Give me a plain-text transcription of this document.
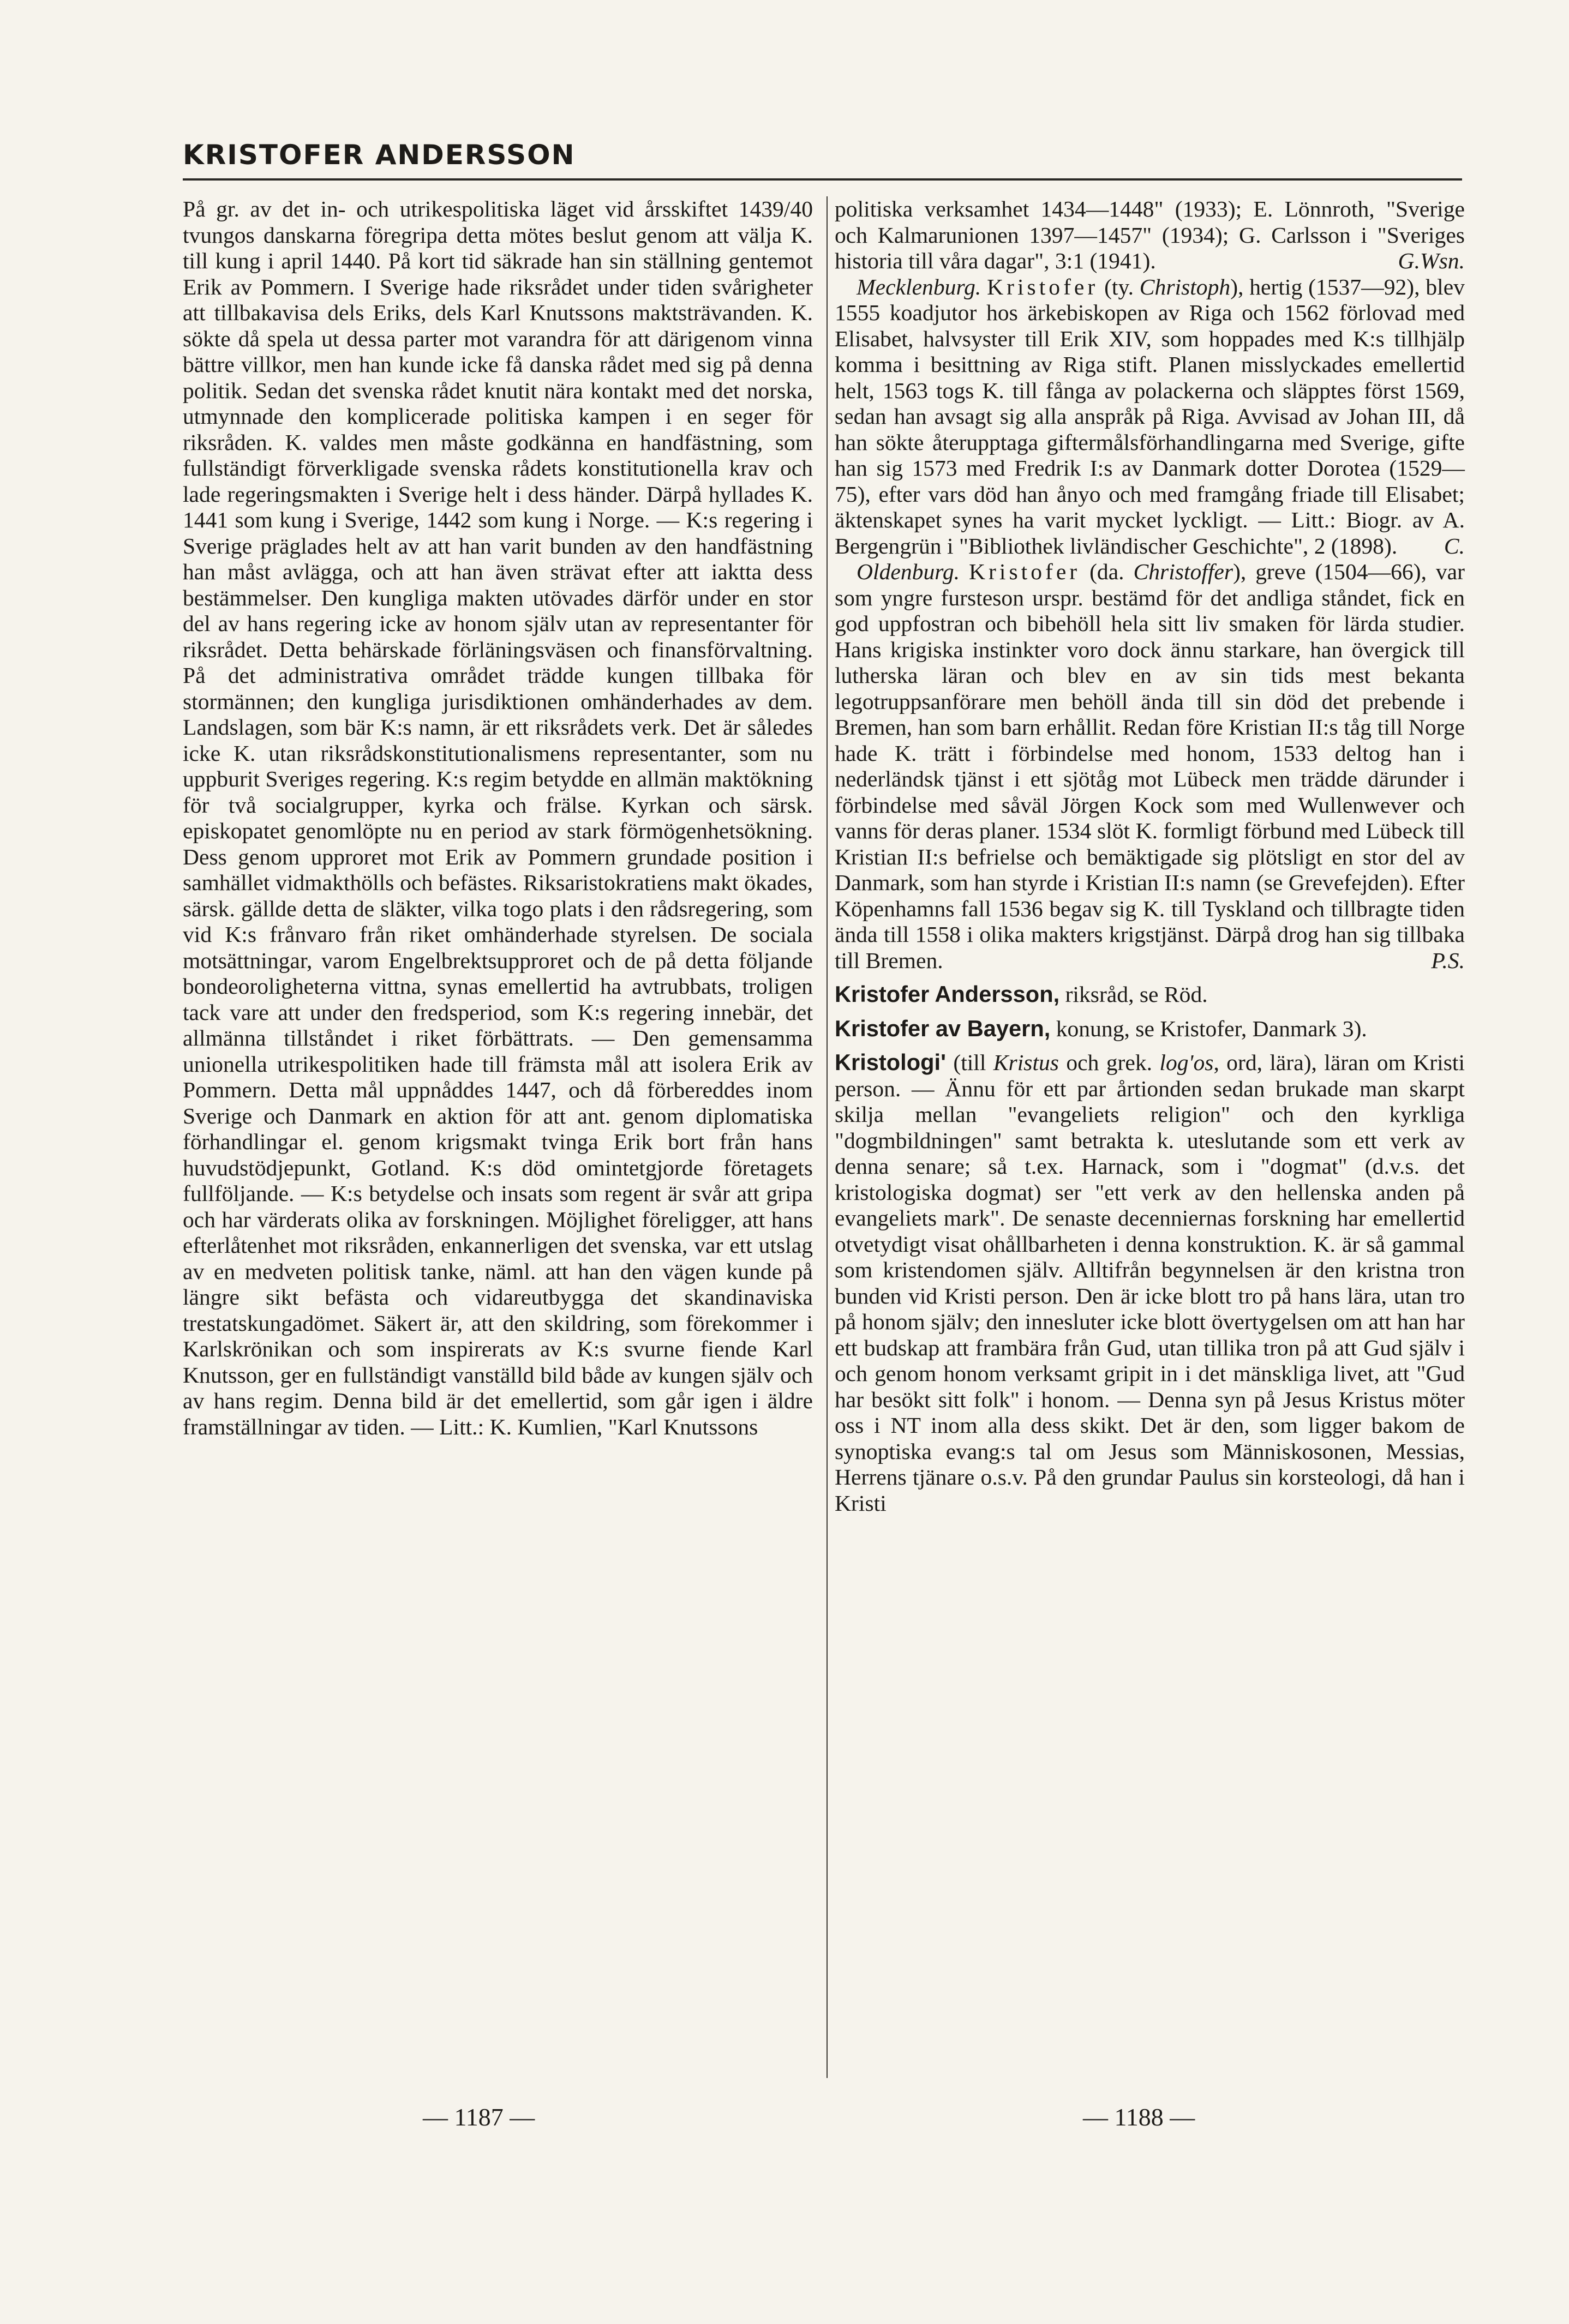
KRISTOFER ANDERSSON

På gr. av det in- och utrikespolitiska läget vid årsskiftet 1439/40 tvungos danskarna föregripa detta mötes beslut genom att välja K. till kung i april 1440. På kort tid säkrade han sin ställning gentemot Erik av Pommern. I Sverige hade riksrådet under tiden svårigheter att tillbakavisa dels Eriks, dels Karl Knutssons maktsträvanden. K. sökte då spela ut dessa parter mot varandra för att därigenom vinna bättre villkor, men han kunde icke få danska rådet med sig på denna politik. Sedan det svenska rådet knutit nära kontakt med det norska, utmynnade den komplicerade politiska kampen i en seger för riksråden. K. valdes men måste godkänna en handfästning, som fullständigt förverkligade svenska rådets konstitutionella krav och lade regeringsmakten i Sverige helt i dess händer. Därpå hyllades K. 1441 som kung i Sverige, 1442 som kung i Norge. — K:s regering i Sverige präglades helt av att han varit bunden av den handfästning han måst avlägga, och att han även strävat efter att iaktta dess bestämmelser. Den kungliga makten utövades därför under en stor del av hans regering icke av honom själv utan av representanter för riksrådet. Detta behärskade förläningsväsen och finansförvaltning. På det administrativa området trädde kungen tillbaka för stormännen; den kungliga jurisdiktionen omhänderhades av dem. Landslagen, som bär K:s namn, är ett riksrådets verk. Det är således icke K. utan riksrådskonstitutionalismens representanter, som nu uppburit Sveriges regering. K:s regim betydde en allmän maktökning för två socialgrupper, kyrka och frälse. Kyrkan och särsk. episkopatet genomlöpte nu en period av stark förmögenhetsökning. Dess genom upproret mot Erik av Pommern grundade position i samhället vidmakthölls och befästes. Riksaristokratiens makt ökades, särsk. gällde detta de släkter, vilka togo plats i den rådsregering, som vid K:s frånvaro från riket omhänderhade styrelsen. De sociala motsättningar, varom Engelbrektsupproret och de på detta följande bondeoroligheterna vittna, synas emellertid ha avtrubbats, troligen tack vare att under den fredsperiod, som K:s regering innebär, det allmänna tillståndet i riket förbättrats. — Den gemensamma unionella utrikespolitiken hade till främsta mål att isolera Erik av Pommern. Detta mål uppnåddes 1447, och då förbereddes inom Sverige och Danmark en aktion för att ant. genom diplomatiska förhandlingar el. genom krigsmakt tvinga Erik bort från hans huvudstödjepunkt, Gotland. K:s död omintetgjorde företagets fullföljande. — K:s betydelse och insats som regent är svår att gripa och har värderats olika av forskningen. Möjlighet föreligger, att hans efterlåtenhet mot riksråden, enkannerligen det svenska, var ett utslag av en medveten politisk tanke, näml. att han den vägen kunde på längre sikt befästa och vidareutbygga det skandinaviska trestatskungadömet. Säkert är, att den skildring, som förekommer i Karlskrönikan och som inspirerats av K:s svurne fiende Karl Knutsson, ger en fullständigt vanställd bild både av kungen själv och av hans regim. Denna bild är det emellertid, som går igen i äldre framställningar av tiden. — Litt.: K. Kumlien, "Karl Knutssons

politiska verksamhet 1434—1448" (1933); E. Lönnroth, "Sverige och Kalmarunionen 1397—1457" (1934); G. Carlsson i "Sveriges historia till våra dagar", 3:1 (1941).	G.Wsn.

Mecklenburg. Kristofer (ty. Christoph), hertig (1537—92), blev 1555 koadjutor hos ärkebiskopen av Riga och 1562 förlovad med Elisabet, halvsyster till Erik XIV, som hoppades med K:s tillhjälp komma i besittning av Riga stift. Planen misslyckades emellertid helt, 1563 togs K. till fånga av polackerna och släpptes först 1569, sedan han avsagt sig alla anspråk på Riga. Avvisad av Johan III, då han sökte återupptaga giftermålsförhandlingarna med Sverige, gifte han sig 1573 med Fredrik I:s av Danmark dotter Dorotea (1529—75), efter vars död han ånyo och med framgång friade till Elisabet; äktenskapet synes ha varit mycket lyckligt. — Litt.: Biogr. av A. Bergengrün i "Bibliothek livländischer Geschichte", 2 (1898).	C.

Oldenburg. Kristofer (da. Christoffer), greve (1504—66), var som yngre fursteson urspr. bestämd för det andliga ståndet, fick en god uppfostran och bibehöll hela sitt liv smaken för lärda studier. Hans krigiska instinkter voro dock ännu starkare, han övergick till lutherska läran och blev en av sin tids mest bekanta legotruppsanförare men behöll ända till sin död det prebende i Bremen, han som barn erhållit. Redan före Kristian II:s tåg till Norge hade K. trätt i förbindelse med honom, 1533 deltog han i nederländsk tjänst i ett sjötåg mot Lübeck men trädde därunder i förbindelse med såväl Jörgen Kock som med Wullenwever och vanns för deras planer. 1534 slöt K. formligt förbund med Lübeck till Kristian II:s befrielse och bemäktigade sig plötsligt en stor del av Danmark, som han styrde i Kristian II:s namn (se Grevefejden). Efter Köpenhamns fall 1536 begav sig K. till Tyskland och tillbragte tiden ända till 1558 i olika makters krigstjänst. Därpå drog han sig tillbaka till Bremen.	P.S.

Kristofer Andersson, riksråd, se Röd.

Kristofer av Bayern, konung, se Kristofer, Danmark 3).

Kristologi' (till Kristus och grek. log'os, ord, lära), läran om Kristi person. — Ännu för ett par årtionden sedan brukade man skarpt skilja mellan "evangeliets religion" och den kyrkliga "dogmbildningen" samt betrakta k. uteslutande som ett verk av denna senare; så t.ex. Harnack, som i "dogmat" (d.v.s. det kristologiska dogmat) ser "ett verk av den hellenska anden på evangeliets mark". De senaste decenniernas forskning har emellertid otvetydigt visat ohållbarheten i denna konstruktion. K. är så gammal som kristendomen själv. Alltifrån begynnelsen är den kristna tron bunden vid Kristi person. Den är icke blott tro på hans lära, utan tro på honom själv; den innesluter icke blott övertygelsen om att han har ett budskap att frambära från Gud, utan tillika tron på att Gud själv i och genom honom verksamt gripit in i det mänskliga livet, att "Gud har besökt sitt folk" i honom. — Denna syn på Jesus Kristus möter oss i NT inom alla dess skikt. Det är den, som ligger bakom de synoptiska evang:s tal om Jesus som Människosonen, Messias, Herrens tjänare o.s.v. På den grundar Paulus sin korsteologi, då han i Kristi

— 1187 —	— 1188 —
